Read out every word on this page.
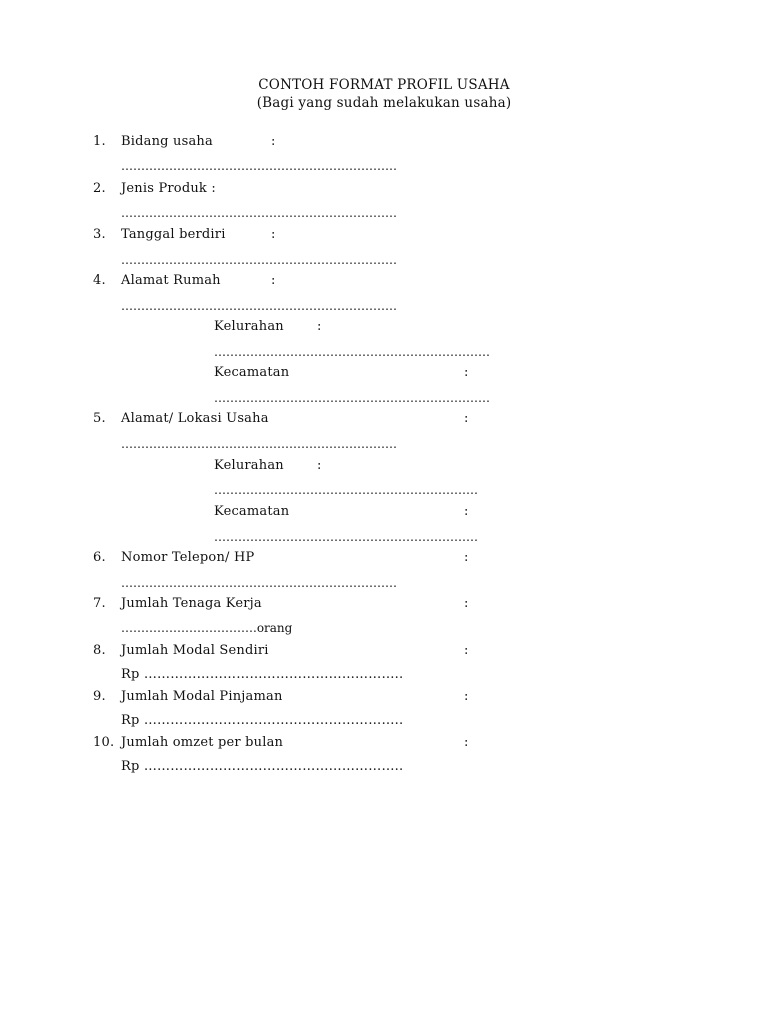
CONTOH FORMAT PROFIL USAHA
(Bagi yang sudah melakukan usaha)
1. Bidang usaha	:
……………………………………………………………
2. Jenis Produk :
……………………………………………………………
3. Tanggal berdiri	:
……………………………………………………………
4. Alamat Rumah	:
……………………………………………………………
Kelurahan	:
……………………………………………………………
Kecamatan	:
……………………………………………………………
5. Alamat/ Lokasi Usaha	:
……………………………………………………………
Kelurahan	:
…………………………………………………………
Kecamatan	:
…………………………………………………………
6. Nomor Telepon/ HP	:
……………………………………………………………
7. Jumlah Tenaga Kerja	:
…………………………….orang
8. Jumlah Modal Sendiri	:
Rp …………………………………………………..
9. Jumlah Modal Pinjaman	:
Rp …………………………………………………..
10. Jumlah omzet per bulan	:
Rp …………………………………………………..
